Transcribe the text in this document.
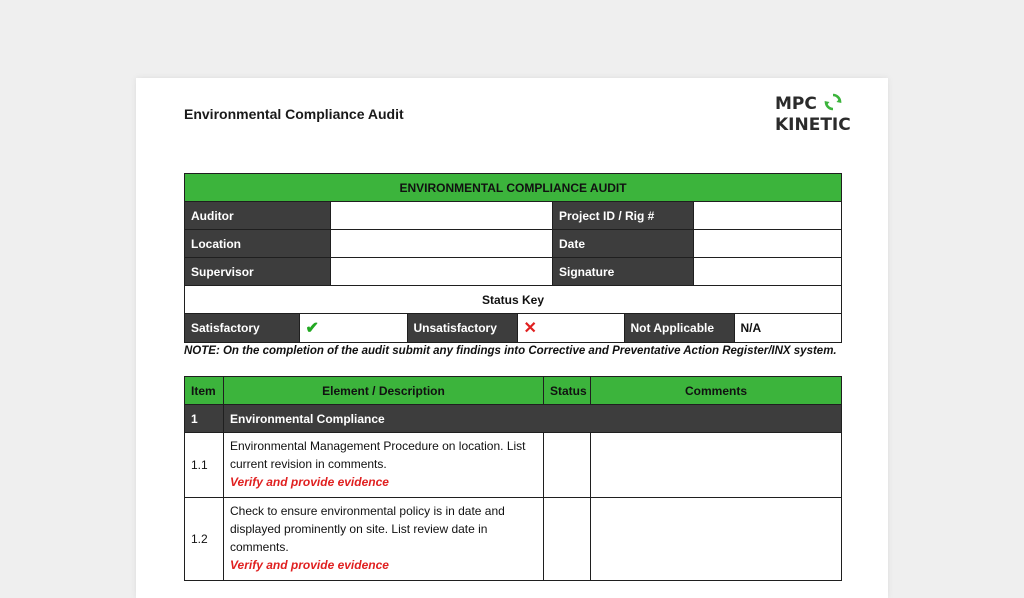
Environmental Compliance Audit	MPC
KINETIC
ENVIRONMENTAL COMPLIANCE AUDIT
Auditor		Project ID / Rig #	
Location		Date	
Supervisor		Signature	
Status Key

Satisfactory	✔	Unsatisfactory	✕	Not Applicable	N/A
NOTE: On the completion of the audit submit any findings into Corrective and Preventative Action Register/INX system.
Item	Element / Description	Status	Comments
1	Environmental Compliance		
1.1	Environmental Management Procedure on location. List current revision in comments.
Verify and provide evidence		

1.2	Check to ensure environmental policy is in date and displayed prominently on site. List review date in comments.
Verify and provide evidence		
